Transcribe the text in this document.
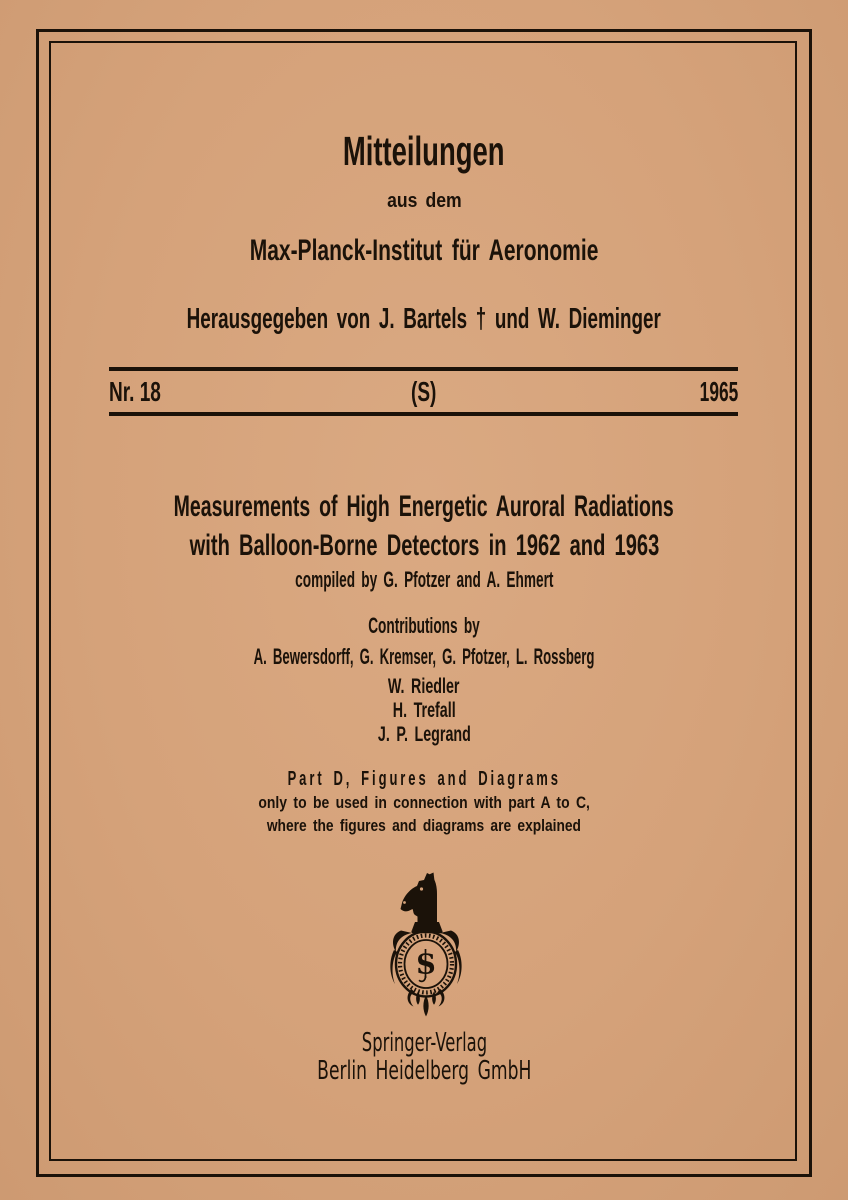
Mitteilungen
aus dem
Max-Planck-Institut für Aeronomie
Herausgegeben von J. Bartels † und W. Dieminger
Nr. 18	(S)	1965
Measurements of High Energetic Auroral Radiations
with Balloon-Borne Detectors in 1962 and 1963
compiled by G. Pfotzer and A. Ehmert
Contributions by
A. Bewersdorff, G. Kremser, G. Pfotzer, L. Rossberg
W. Riedler
H. Trefall
J. P. Legrand
Part D, Figures and Diagrams
only to be used in connection with part A to C,
where the figures and diagrams are explained
S
Springer-Verlag
Berlin Heidelberg GmbH
